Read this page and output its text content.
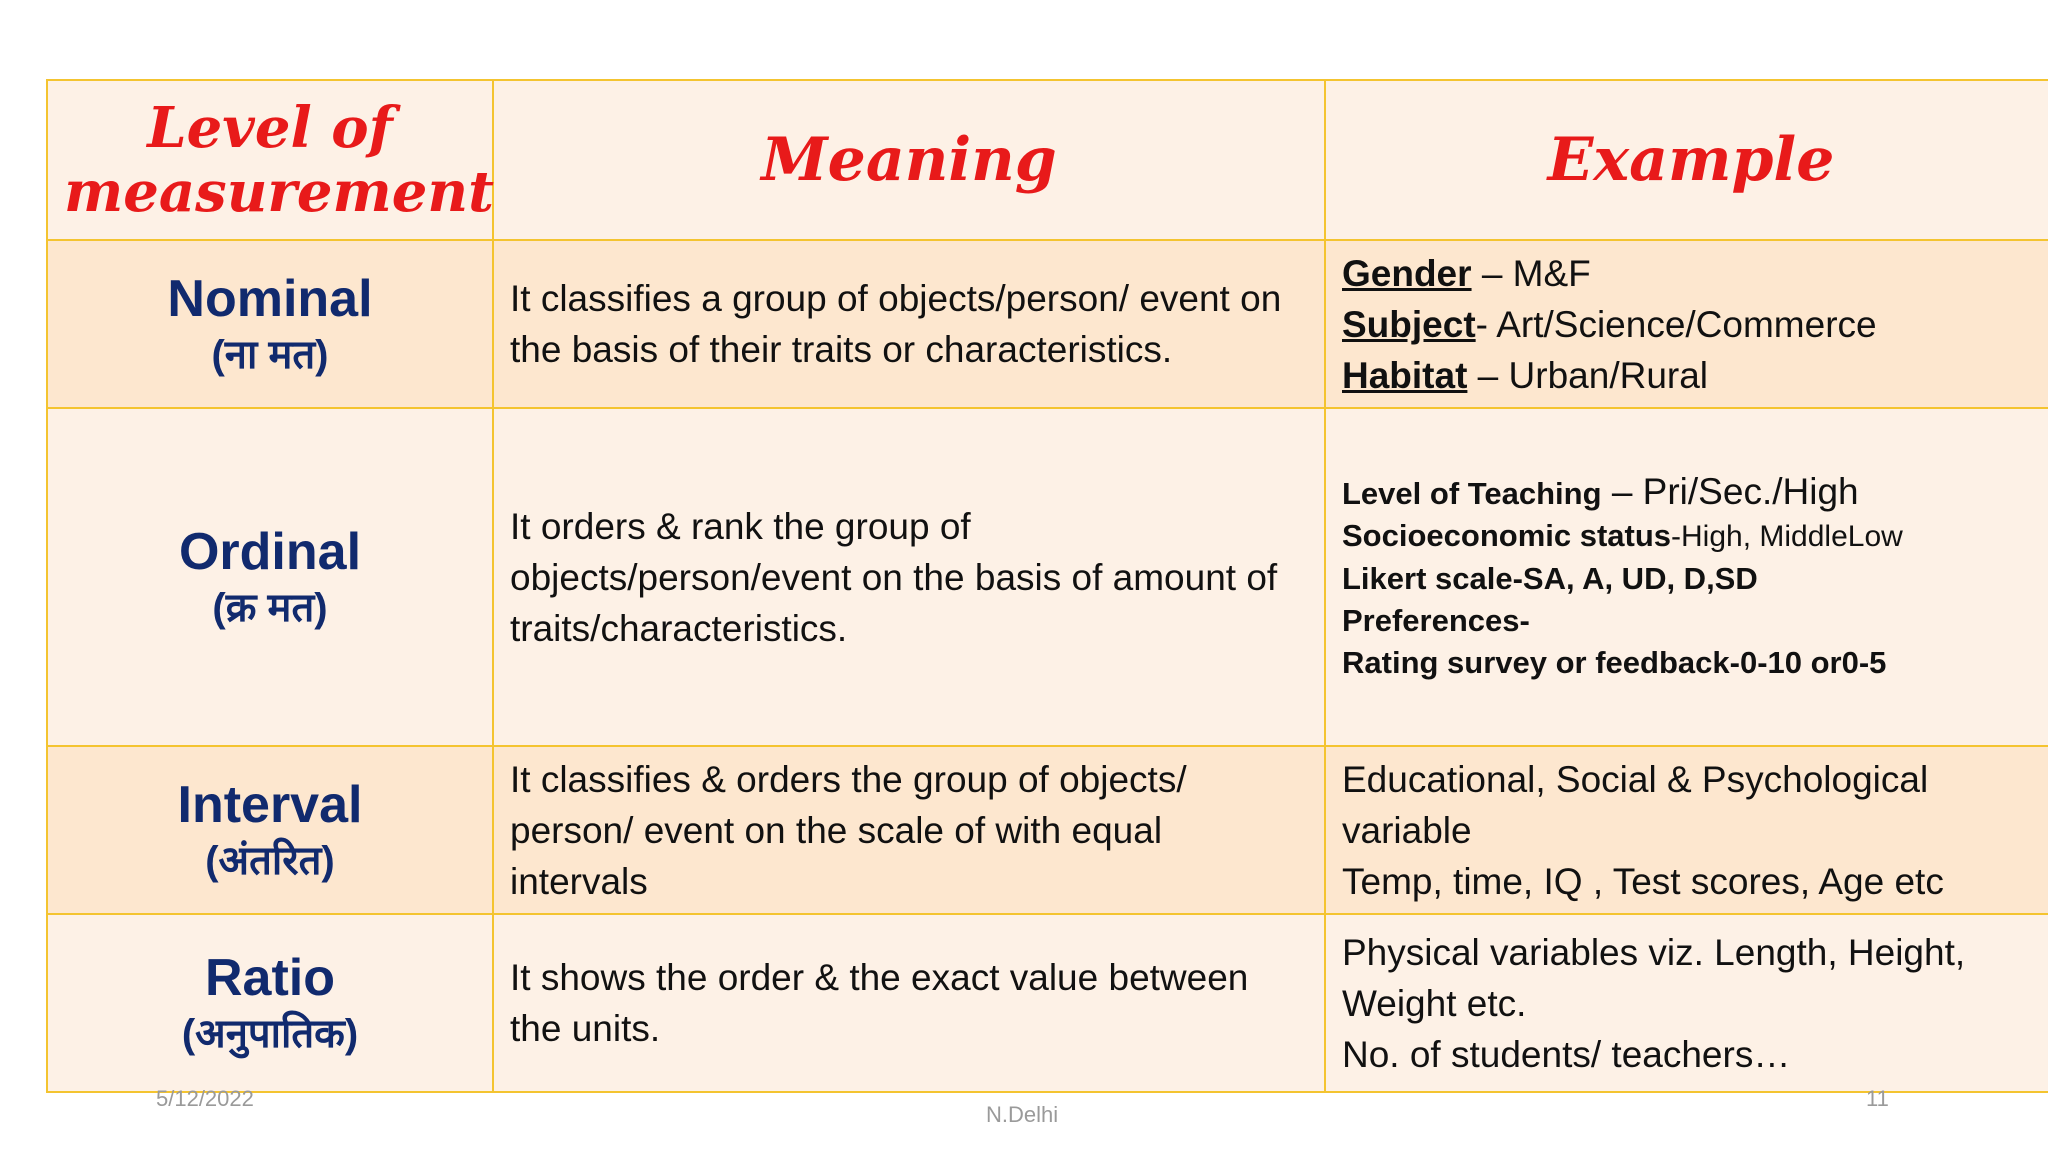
Level of measurement	Meaning	Example

Nominal
(ना मत)	It classifies a group of objects/person/ event on the basis of their traits or characteristics.	Gender – M&F
Subject- Art/Science/Commerce
Habitat – Urban/Rural

Ordinal
(क्र मत)	It orders & rank the group of objects/person/event on the basis of amount of traits/characteristics.	Level of Teaching – Pri/Sec./High
Socioeconomic status-High, MiddleLow
Likert scale-SA, A, UD, D,SD
Preferences-
Rating survey or feedback-0-10 or0-5

Interval
(अंतरित)	It classifies & orders the group of objects/ person/ event on the scale of with equal intervals	Educational, Social & Psychological variable
Temp, time, IQ , Test scores, Age etc

Ratio
(अनुपातिक)	It shows the order & the exact value between the units.	Physical variables viz. Length, Height, Weight etc.
No. of students/ teachers…
5/12/2022
N.Delhi
11
